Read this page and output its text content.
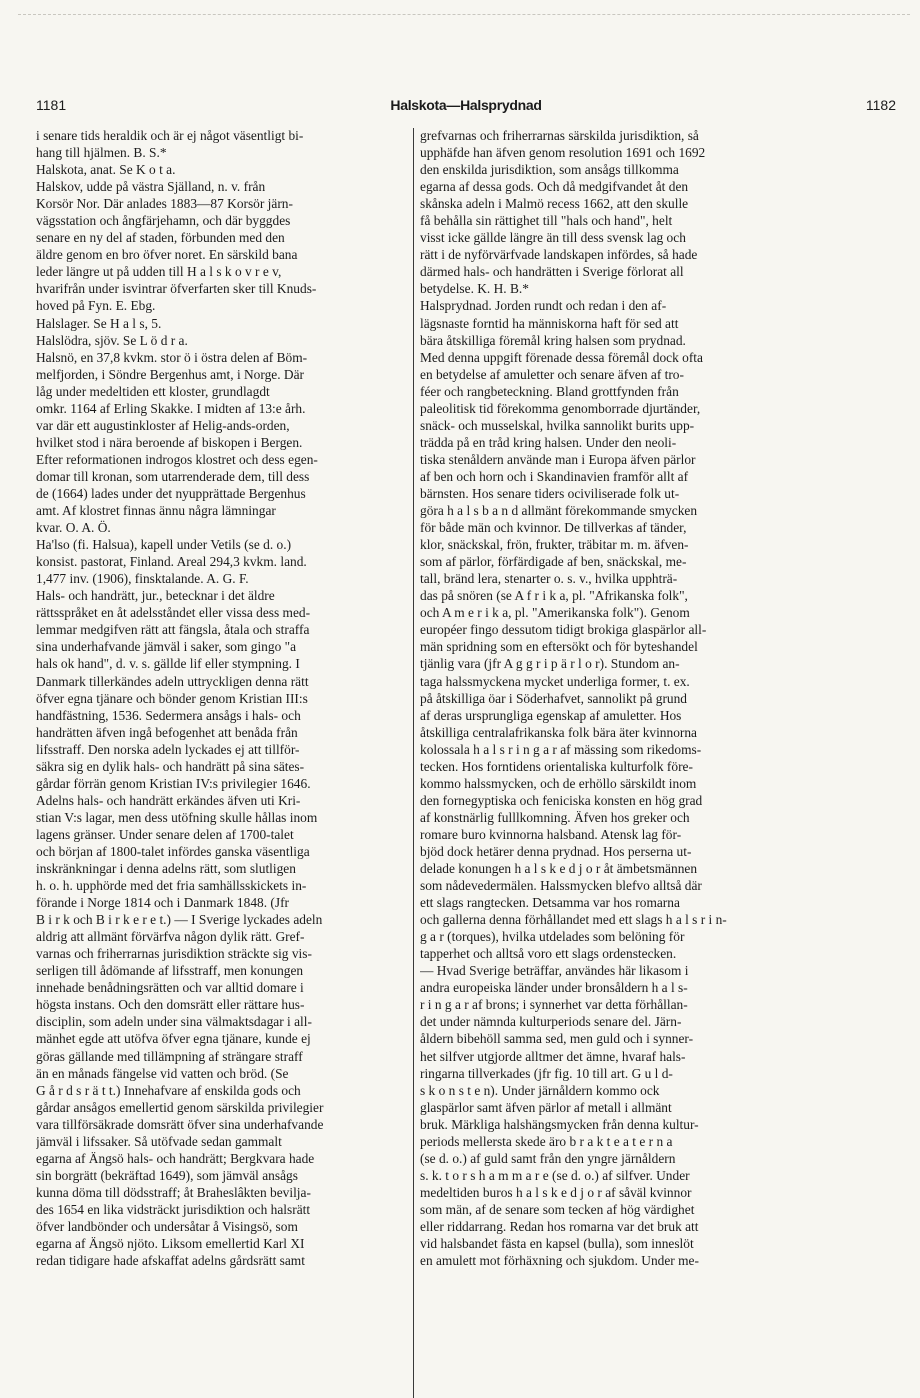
1181	Halskota—Halsprydnad	1182
i senare tids heraldik och är ej något väsentligt bi-
hang till hjälmen. B. S.*
Halskota, anat. Se K o t a.
Halskov, udde på västra Själland, n. v. från
Korsör Nor. Där anlades 1883—87 Korsör järn-
vägsstation och ångfärjehamn, och där byggdes
senare en ny del af staden, förbunden med den
äldre genom en bro öfver noret. En särskild bana
leder längre ut på udden till H a l s k o v r e v,
hvarifrån under isvintrar öfverfarten sker till Knuds-
hoved på Fyn. E. Ebg.
Halslager. Se H a l s, 5.
Halslödra, sjöv. Se L ö d r a.
Halsnö, en 37,8 kvkm. stor ö i östra delen af Böm-
melfjorden, i Söndre Bergenhus amt, i Norge. Där
låg under medeltiden ett kloster, grundlagdt
omkr. 1164 af Erling Skakke. I midten af 13:e årh.
var där ett augustinkloster af Helig-ands-orden,
hvilket stod i nära beroende af biskopen i Bergen.
Efter reformationen indrogos klostret och dess egen-
domar till kronan, som utarrenderade dem, till dess
de (1664) lades under det nyupprättade Bergenhus
amt. Af klostret finnas ännu några lämningar
kvar. O. A. Ö.
Ha'lso (fi. Halsua), kapell under Vetils (se d. o.)
konsist. pastorat, Finland. Areal 294,3 kvkm. land.
1,477 inv. (1906), finsktalande. A. G. F.
Hals- och handrätt, jur., betecknar i det äldre
rättsspråket en åt adelsståndet eller vissa dess med-
lemmar medgifven rätt att fängsla, åtala och straffa
sina underhafvande jämväl i saker, som gingo "a
hals ok hand", d. v. s. gällde lif eller stympning. I
Danmark tillerkändes adeln uttryckligen denna rätt
öfver egna tjänare och bönder genom Kristian III:s
handfästning, 1536. Sedermera ansågs i hals- och
handrätten äfven ingå befogenhet att benåda från
lifsstraff. Den norska adeln lyckades ej att tillför-
säkra sig en dylik hals- och handrätt på sina sätes-
gårdar förrän genom Kristian IV:s privilegier 1646.
Adelns hals- och handrätt erkändes äfven uti Kri-
stian V:s lagar, men dess utöfning skulle hållas inom
lagens gränser. Under senare delen af 1700-talet
och början af 1800-talet infördes ganska väsentliga
inskränkningar i denna adelns rätt, som slutligen
h. o. h. upphörde med det fria samhällsskickets in-
förande i Norge 1814 och i Danmark 1848. (Jfr
B i r k och B i r k e r e t.) — I Sverige lyckades adeln
aldrig att allmänt förvärfva någon dylik rätt. Gref-
varnas och friherrarnas jurisdiktion sträckte sig vis-
serligen till ådömande af lifsstraff, men konungen
innehade benådningsrätten och var alltid domare i
högsta instans. Och den domsrätt eller rättare hus-
disciplin, som adeln under sina välmaktsdagar i all-
mänhet egde att utöfva öfver egna tjänare, kunde ej
göras gällande med tillämpning af strängare straff
än en månads fängelse vid vatten och bröd. (Se
G å r d s r ä t t.) Innehafvare af enskilda gods och
gårdar ansågos emellertid genom särskilda privilegier
vara tillförsäkrade domsrätt öfver sina underhafvande
jämväl i lifssaker. Så utöfvade sedan gammalt
egarna af Ängsö hals- och handrätt; Bergkvara hade
sin borgrätt (bekräftad 1649), som jämväl ansågs
kunna döma till dödsstraff; åt Braheslâkten bevilja-
des 1654 en lika vidsträckt jurisdiktion och halsrätt
öfver landbönder och undersåtar å Visingsö, som
egarna af Ängsö njöto. Liksom emellertid Karl XI
redan tidigare hade afskaffat adelns gårdsrätt samt
grefvarnas och friherrarnas särskilda jurisdiktion, så
upphäfde han äfven genom resolution 1691 och 1692
den enskilda jurisdiktion, som ansågs tillkomma
egarna af dessa gods. Och då medgifvandet åt den
skånska adeln i Malmö recess 1662, att den skulle
få behålla sin rättighet till "hals och hand", helt
visst icke gällde längre än till dess svensk lag och
rätt i de nyförvärfvade landskapen infördes, så hade
därmed hals- och handrätten i Sverige förlorat all
betydelse. K. H. B.*
Halsprydnad. Jorden rundt och redan i den af-
lägsnaste forntid ha människorna haft för sed att
bära åtskilliga föremål kring halsen som prydnad.
Med denna uppgift förenade dessa föremål dock ofta
en betydelse af amuletter och senare äfven af tro-
féer och rangbeteckning. Bland grottfynden från
paleolitisk tid förekomma genomborrade djurtänder,
snäck- och musselskal, hvilka sannolikt burits upp-
trädda på en tråd kring halsen. Under den neoli-
tiska stenåldern använde man i Europa äfven pärlor
af ben och horn och i Skandinavien framför allt af
bärnsten. Hos senare tiders ociviliserade folk ut-
göra h a l s b a n d allmänt förekommande smycken
för både män och kvinnor. De tillverkas af tänder,
klor, snäckskal, frön, frukter, träbitar m. m. äfven-
som af pärlor, förfärdigade af ben, snäckskal, me-
tall, bränd lera, stenarter o. s. v., hvilka upphträ-
das på snören (se A f r i k a, pl. "Afrikanska folk",
och A m e r i k a, pl. "Amerikanska folk"). Genom
européer fingo dessutom tidigt brokiga glaspärlor all-
män spridning som en eftersökt och för byteshandel
tjänlig vara (jfr A g g r i p ä r l o r). Stundom an-
taga halssmyckena mycket underliga former, t. ex.
på åtskilliga öar i Söderhafvet, sannolikt på grund
af deras ursprungliga egenskap af amuletter. Hos
åtskilliga centralafrikanska folk bära äter kvinnorna
kolossala h a l s r i n g a r af mässing som rikedoms-
tecken. Hos forntidens orientaliska kulturfolk före-
kommo halssmycken, och de erhöllo särskildt inom
den fornegyptiska och feniciska konsten en hög grad
af konstnärlig fulllkomning. Äfven hos greker och
romare buro kvinnorna halsband. Atensk lag för-
bjöd dock hetärer denna prydnad. Hos perserna ut-
delade konungen h a l s k e d j o r åt ämbetsmännen
som nådevedermälen. Halssmycken blefvo alltså där
ett slags rangtecken. Detsamma var hos romarna
och gallerna denna förhållandet med ett slags h a l s r i n-
g a r (torques), hvilka utdelades som belöning för
tapperhet och alltså voro ett slags ordenstecken.
— Hvad Sverige beträffar, användes här likasom i
andra europeiska länder under bronsåldern h a l s-
r i n g a r af brons; i synnerhet var detta förhållan-
det under nämnda kulturperiods senare del. Järn-
åldern bibehöll samma sed, men guld och i synner-
het silfver utgjorde alltmer det ämne, hvaraf hals-
ringarna tillverkades (jfr fig. 10 till art. G u l d-
s k o n s t e n). Under järnåldern kommo ock
glaspärlor samt äfven pärlor af metall i allmänt
bruk. Märkliga halshängsmycken från denna kultur-
periods mellersta skede äro b r a k t e a t e r n a
(se d. o.) af guld samt från den yngre järnåldern
s. k. t o r s h a m m a r e (se d. o.) af silfver. Under
medeltiden buros h a l s k e d j o r af såväl kvinnor
som män, af de senare som tecken af hög värdighet
eller riddarrang. Redan hos romarna var det bruk att
vid halsbandet fästa en kapsel (bulla), som inneslöt
en amulett mot förhäxning och sjukdom. Under me-
